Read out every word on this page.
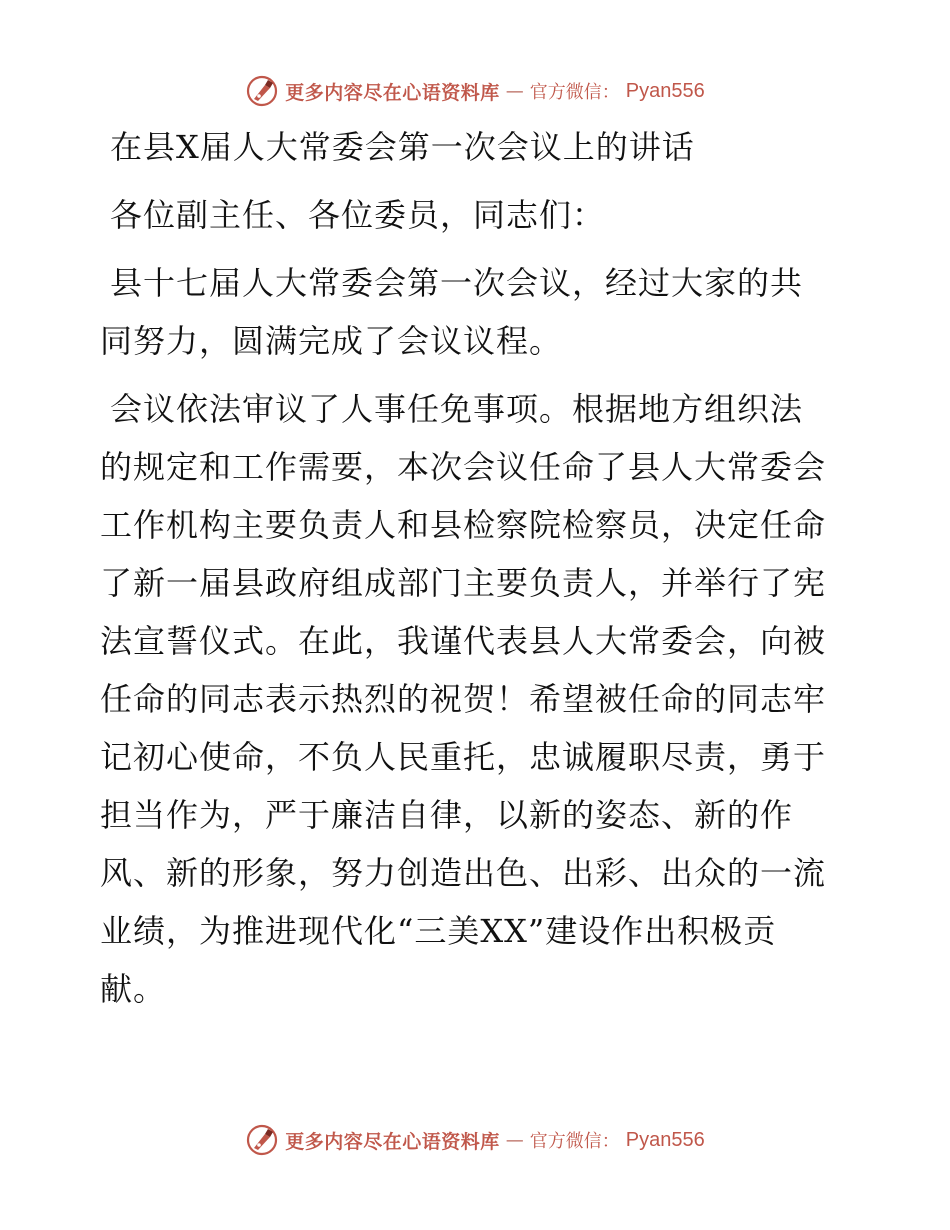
更多内容尽在心语资料库 — 官方微信： Pyan556

在县X届人大常委会第一次会议上的讲话

各位副主任、各位委员，同志们：

县十七届人大常委会第一次会议，经过大家的共

同努力，圆满完成了会议议程。

会议依法审议了人事任免事项。根据地方组织法

的规定和工作需要，本次会议任命了县人大常委会

工作机构主要负责人和县检察院检察员，决定任命

了新一届县政府组成部门主要负责人，并举行了宪

法宣誓仪式。在此，我谨代表县人大常委会，向被

任命的同志表示热烈的祝贺！希望被任命的同志牢

记初心使命，不负人民重托，忠诚履职尽责，勇于

担当作为，严于廉洁自律，以新的姿态、新的作

风、新的形象，努力创造出色、出彩、出众的一流

业绩，为推进现代化“三美XX”建设作出积极贡

献。

更多内容尽在心语资料库 — 官方微信： Pyan556
